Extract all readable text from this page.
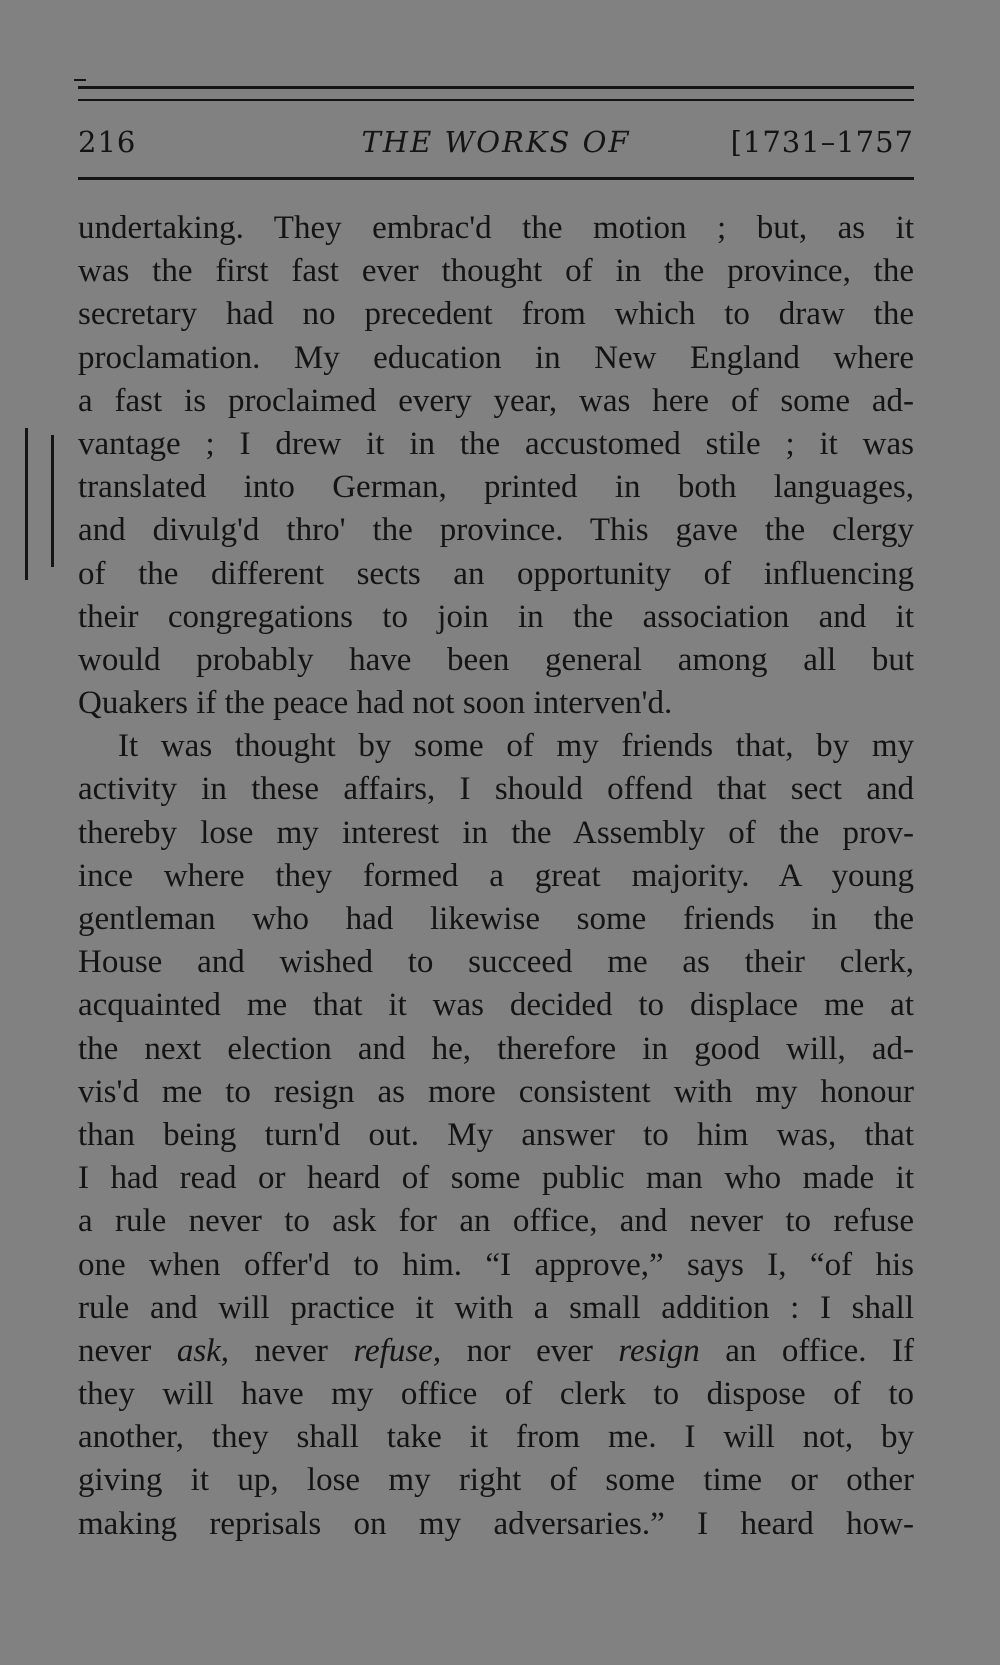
216	THE WORKS OF	[1731–1757
undertaking. They embrac'd the motion ; but, as it
was the first fast ever thought of in the province, the
secretary had no precedent from which to draw the
proclamation. My education in New England where
a fast is proclaimed every year, was here of some ad-
vantage ; I drew it in the accustomed stile ; it was
translated into German, printed in both languages,
and divulg'd thro' the province. This gave the clergy
of the different sects an opportunity of influencing
their congregations to join in the association and it
would probably have been general among all but
Quakers if the peace had not soon interven'd.
It was thought by some of my friends that, by my
activity in these affairs, I should offend that sect and
thereby lose my interest in the Assembly of the prov-
ince where they formed a great majority. A young
gentleman who had likewise some friends in the
House and wished to succeed me as their clerk,
acquainted me that it was decided to displace me at
the next election and he, therefore in good will, ad-
vis'd me to resign as more consistent with my honour
than being turn'd out. My answer to him was, that
I had read or heard of some public man who made it
a rule never to ask for an office, and never to refuse
one when offer'd to him. “I approve,” says I, “of his
rule and will practice it with a small addition : I shall
never ask, never refuse, nor ever resign an office. If
they will have my office of clerk to dispose of to
another, they shall take it from me. I will not, by
giving it up, lose my right of some time or other
making reprisals on my adversaries.” I heard how-
